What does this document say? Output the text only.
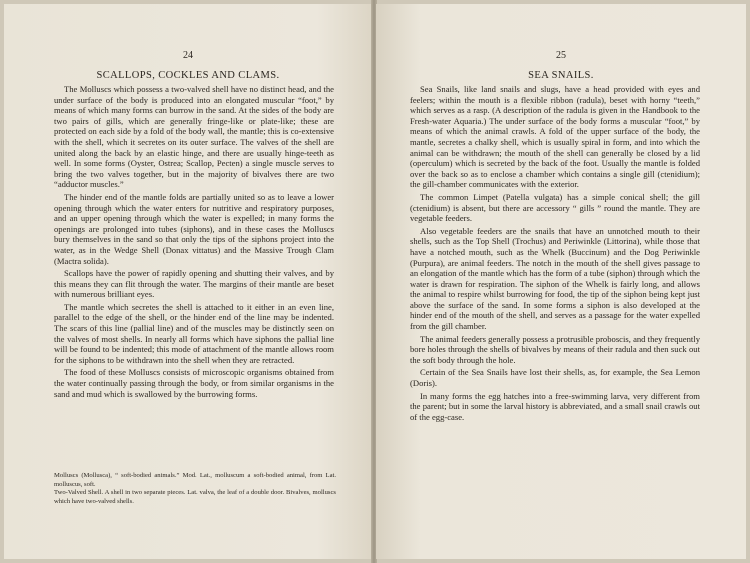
24
SCALLOPS, COCKLES AND CLAMS.

The Molluscs which possess a two-valved shell have no distinct head, and the under surface of the body is produced into an elongated muscular “foot,” by means of which many forms can burrow in the sand. At the sides of the body are two pairs of gills, which are generally fringe-like or plate-like; these are protected on each side by a fold of the body wall, the mantle; this is co-extensive with the shell, which it secretes on its outer surface. The valves of the shell are united along the back by an elastic hinge, and there are usually hinge-teeth as well. In some forms (Oyster, Ostrea; Scallop, Pecten) a single muscle serves to bring the two valves together, but in the majority of bivalves there are two “adductor muscles.”

The hinder end of the mantle folds are partially united so as to leave a lower opening through which the water enters for nutritive and respiratory purposes, and an upper opening through which the water is expelled; in many forms the openings are prolonged into tubes (siphons), and in these cases the Molluscs bury themselves in the sand so that only the tips of the siphons project into the water, as in the Wedge Shell (Donax vittatus) and the Massive Trough Clam (Mactra solida).

Scallops have the power of rapidly opening and shutting their valves, and by this means they can flit through the water. The margins of their mantle are beset with numerous brilliant eyes.

The mantle which secretes the shell is attached to it either in an even line, parallel to the edge of the shell, or the hinder end of the line may be indented. The scars of this line (pallial line) and of the muscles may be distinctly seen on the valves of most shells. In nearly all forms which have siphons the pallial line will be found to be indented; this mode of attachment of the mantle allows room for the siphons to be withdrawn into the shell when they are retracted.

The food of these Molluscs consists of microscopic organisms obtained from the water continually passing through the body, or from similar organisms in the sand and mud which is swallowed by the burrowing forms.

Molluscs (Mollusca), “ soft-bodied animals.” Mod. Lat., molluscum a soft-bodied animal, from Lat. molluscus, soft.

Two-Valved Shell. A shell in two separate pieces. Lat. valva, the leaf of a double door. Bivalves, molluscs which have two-valved shells.

25
SEA SNAILS.

Sea Snails, like land snails and slugs, have a head provided with eyes and feelers; within the mouth is a flexible ribbon (radula), beset with horny “teeth,” which serves as a rasp. (A description of the radula is given in the Handbook to the Fresh-water Aquaria.) The under surface of the body forms a muscular “foot,” by means of which the animal crawls. A fold of the upper surface of the body, the mantle, secretes a chalky shell, which is usually spiral in form, and into which the animal can be withdrawn; the mouth of the shell can generally be closed by a lid (operculum) which is secreted by the back of the foot. Usually the mantle is folded over the back so as to enclose a chamber which contains a single gill (ctenidium); the gill-chamber communicates with the exterior.

The common Limpet (Patella vulgata) has a simple conical shell; the gill (ctenidium) is absent, but there are accessory “ gills ” round the mantle. They are vegetable feeders.

Also vegetable feeders are the snails that have an unnotched mouth to their shells, such as the Top Shell (Trochus) and Periwinkle (Littorina), while those that have a notched mouth, such as the Whelk (Buccinum) and the Dog Periwinkle (Purpura), are animal feeders. The notch in the mouth of the shell gives passage to an elongation of the mantle which has the form of a tube (siphon) through which the water is drawn for respiration. The siphon of the Whelk is fairly long, and allows the animal to respire whilst burrowing for food, the tip of the siphon being kept just above the surface of the sand. In some forms a siphon is also developed at the hinder end of the mouth of the shell, and serves as a passage for the water expelled from the gill chamber.

The animal feeders generally possess a protrusible proboscis, and they frequently bore holes through the shells of bivalves by means of their radula and then suck out the soft body through the hole.

Certain of the Sea Snails have lost their shells, as, for example, the Sea Lemon (Doris).

In many forms the egg hatches into a free-swimming larva, very different from the parent; but in some the larval history is abbreviated, and a small snail crawls out of the egg-case.
